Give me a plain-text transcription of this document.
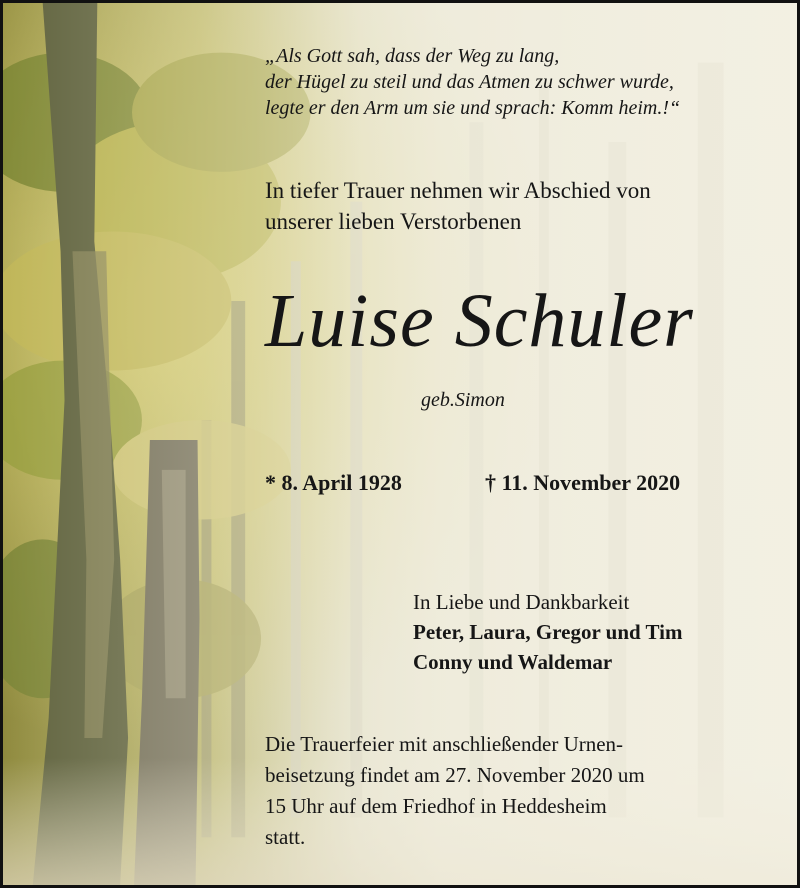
„Als Gott sah, dass der Weg zu lang,
der Hügel zu steil und das Atmen zu schwer wurde,
legte er den Arm um sie und sprach: Komm heim.!“
In tiefer Trauer nehmen wir Abschied von
unserer lieben Verstorbenen
Luise Schuler
geb.Simon
* 8. April 1928	† 11. November 2020
In Liebe und Dankbarkeit
Peter, Laura, Gregor und Tim
Conny und Waldemar
Die Trauerfeier mit anschließender Urnen-
beisetzung findet am 27. November 2020 um
15 Uhr auf dem Friedhof in Heddesheim
statt.
